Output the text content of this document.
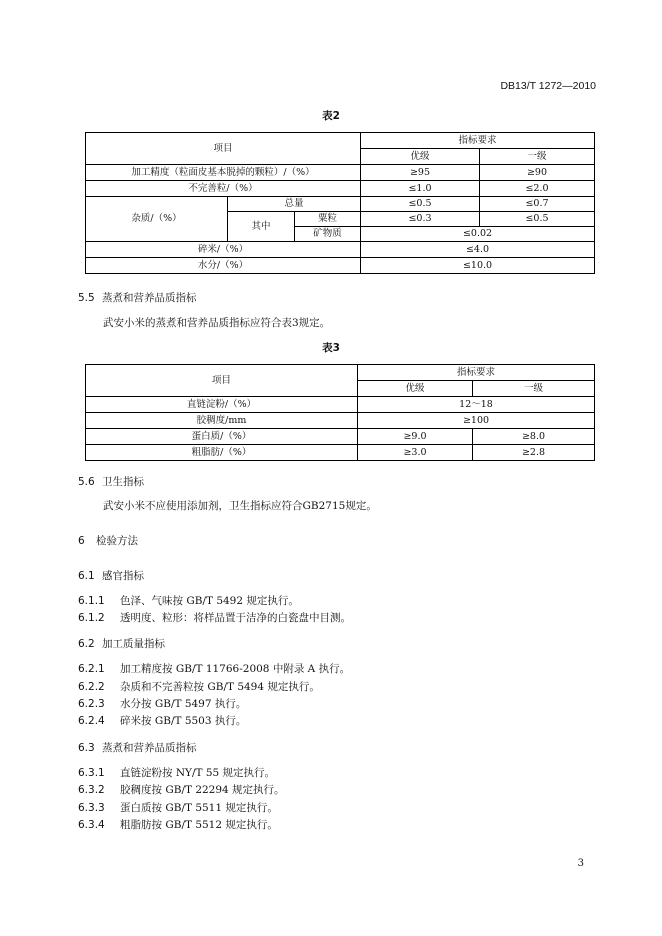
DB13/T 1272—2010
表2
项目			指标要求	
			优级	一级
加工精度（粒面皮基本脱掉的颗粒）/（%）			≥95	≥90
不完善粒/（%）			≤1.0	≤2.0
杂质/（%）	总量		≤0.5	≤0.7
	其中	粟粒	≤0.3	≤0.5
		矿物质	≤0.02	
碎米/（%）			≤4.0	
水分/（%）			≤10.0	
5.5 蒸煮和营养品质指标
武安小米的蒸煮和营养品质指标应符合表3规定。
表3
项目	指标要求	
	优级	一级
直链淀粉/（%）	12～18	
胶稠度/mm	≥100	
蛋白质/（%）	≥9.0	≥8.0
粗脂肪/（%）	≥3.0	≥2.8
5.6 卫生指标
武安小米不应使用添加剂，卫生指标应符合GB2715规定。
6 检验方法
6.1 感官指标
6.1.1 色泽、气味按 GB/T 5492 规定执行。
6.1.2 透明度、粒形：将样品置于洁净的白瓷盘中目测。
6.2 加工质量指标
6.2.1 加工精度按 GB/T 11766-2008 中附录 A 执行。
6.2.2 杂质和不完善粒按 GB/T 5494 规定执行。
6.2.3 水分按 GB/T 5497 执行。
6.2.4 碎米按 GB/T 5503 执行。
6.3 蒸煮和营养品质指标
6.3.1 直链淀粉按 NY/T 55 规定执行。
6.3.2 胶稠度按 GB/T 22294 规定执行。
6.3.3 蛋白质按 GB/T 5511 规定执行。
6.3.4 粗脂肪按 GB/T 5512 规定执行。
3
